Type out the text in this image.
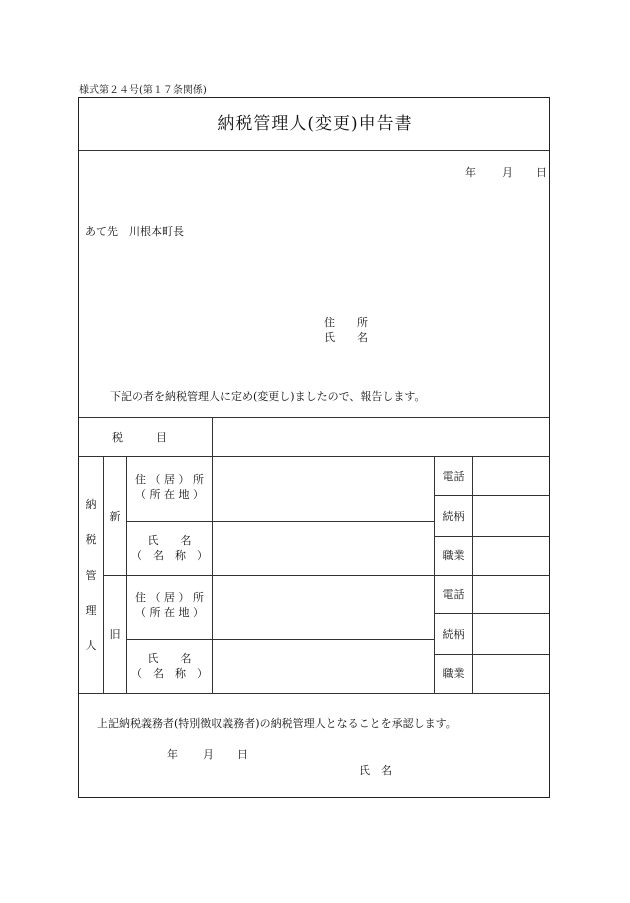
様式第２４号(第１７条関係)
納税管理人(変更)申告書
年 月 日
あて先　川根本町長
住　　所
氏　　名
下記の者を納税管理人に定め(変更し)ましたので、報告します。
税　　　目
納
税
管
理
人
新
旧
住 （ 居 ） 所
（ 所 在 地 ）
氏　　名
（　名　称　）
電話
続柄
職業
住 （ 居 ） 所
（ 所 在 地 ）
氏　　名
（　名　称　）
電話
続柄
職業
上記納税義務者(特別徴収義務者)の納税管理人となることを承認します。
年 月 日
氏　名
